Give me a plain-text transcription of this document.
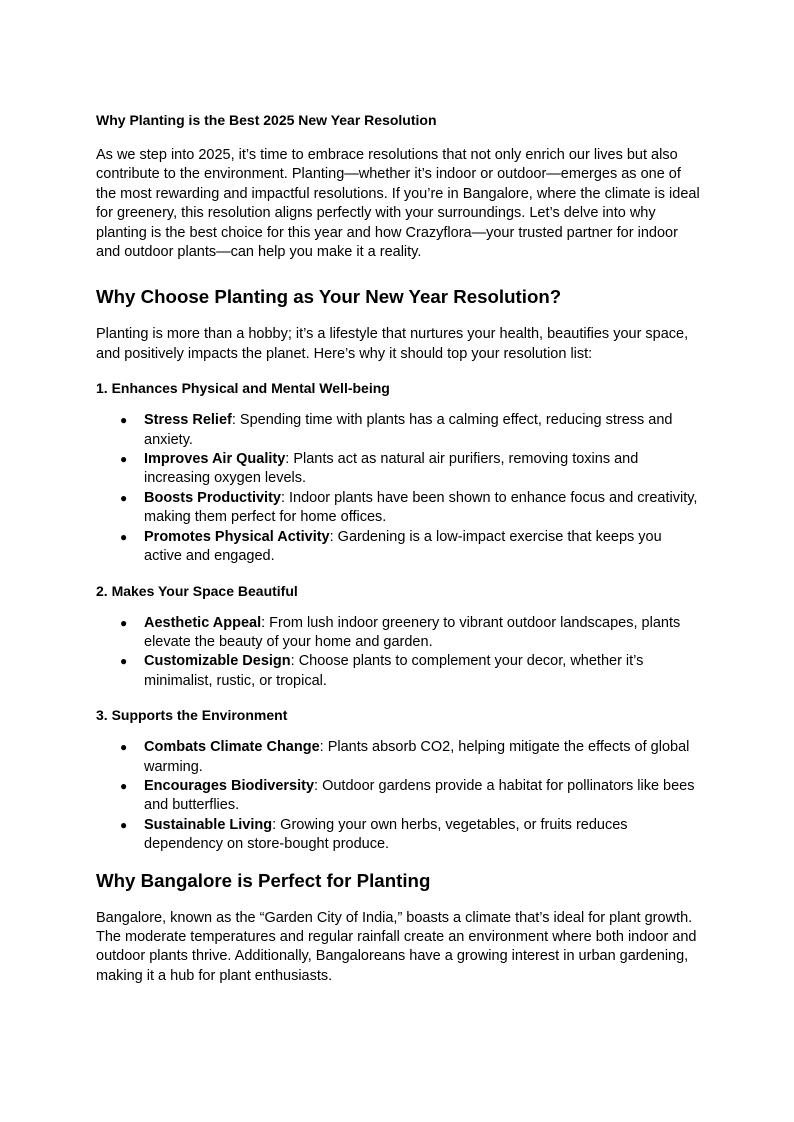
Why Planting is the Best 2025 New Year Resolution

As we step into 2025, it’s time to embrace resolutions that not only enrich our lives but also contribute to the environment. Planting—whether it’s indoor or outdoor—emerges as one of the most rewarding and impactful resolutions. If you’re in Bangalore, where the climate is ideal for greenery, this resolution aligns perfectly with your surroundings. Let’s delve into why planting is the best choice for this year and how Crazyflora—your trusted partner for indoor and outdoor plants—can help you make it a reality.

Why Choose Planting as Your New Year Resolution?

Planting is more than a hobby; it’s a lifestyle that nurtures your health, beautifies your space, and positively impacts the planet. Here’s why it should top your resolution list:

1. Enhances Physical and Mental Well-being
● Stress Relief: Spending time with plants has a calming effect, reducing stress and anxiety.
● Improves Air Quality: Plants act as natural air purifiers, removing toxins and increasing oxygen levels.
● Boosts Productivity: Indoor plants have been shown to enhance focus and creativity, making them perfect for home offices.
● Promotes Physical Activity: Gardening is a low-impact exercise that keeps you active and engaged.
2. Makes Your Space Beautiful
● Aesthetic Appeal: From lush indoor greenery to vibrant outdoor landscapes, plants elevate the beauty of your home and garden.
● Customizable Design: Choose plants to complement your decor, whether it’s minimalist, rustic, or tropical.
3. Supports the Environment
● Combats Climate Change: Plants absorb CO2, helping mitigate the effects of global warming.
● Encourages Biodiversity: Outdoor gardens provide a habitat for pollinators like bees and butterflies.
● Sustainable Living: Growing your own herbs, vegetables, or fruits reduces dependency on store-bought produce.
Why Bangalore is Perfect for Planting

Bangalore, known as the “Garden City of India,” boasts a climate that’s ideal for plant growth. The moderate temperatures and regular rainfall create an environment where both indoor and outdoor plants thrive. Additionally, Bangaloreans have a growing interest in urban gardening, making it a hub for plant enthusiasts.
